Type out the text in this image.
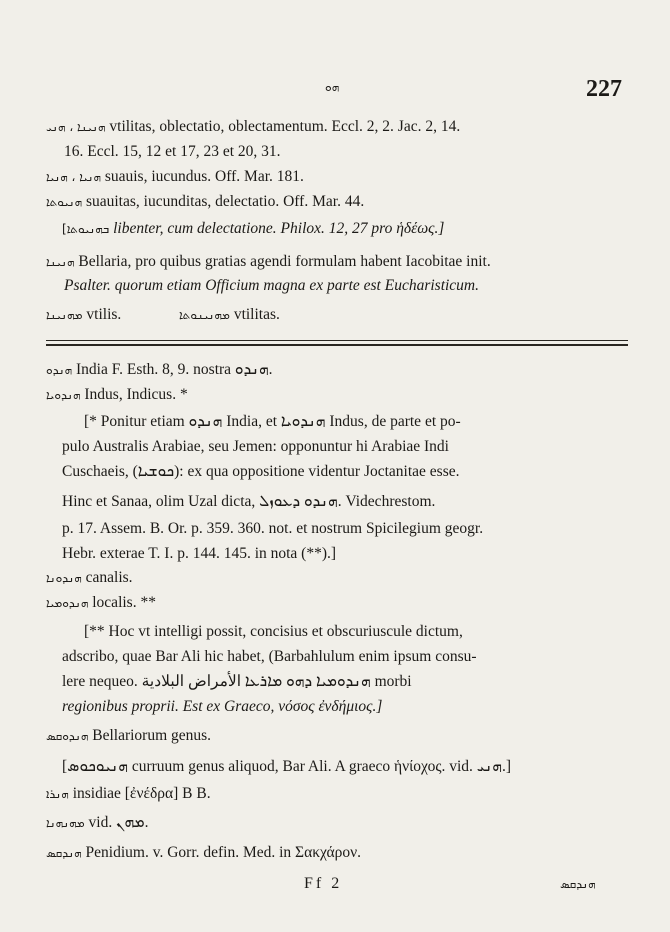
ܗܘ	227
ܗܢܝܢܐ ، ܗܢܝ vtilitas, oblectatio, oblectamentum. Eccl. 2, 2. Jac. 2, 14.
16. Eccl. 15, 12 et 17, 23 et 20, 31.
ܗܢܝܐ ، ܗܢܝܐ suauis, iucundus. Off. Mar. 181.
ܗܢܝܘܬܐ suauitas, iucunditas, delectatio. Off. Mar. 44.
[ܒܗܢܝܘܬܐ libenter, cum delectatione. Philox. 12, 27 pro ἡδέως.]
ܗܢܝܢܐ Bellaria, pro quibus gratias agendi formulam habent Iacobitae init.
Psalter. quorum etiam Officium magna ex parte est Eucharisticum.
ܡܗܢܝܢܐ vtilis.	ܡܗܢܝܢܘܬܐ vtilitas.
ܗܢܕܘ India F. Esth. 8, 9. nostra ܗܢܕܘ.
ܗܢܕܘܝܐ Indus, Indicus. *
[* Ponitur etiam ܗܢܕܘ India, et ܗܢܕܘܝܐ Indus, de parte et po-
pulo Australis Arabiae, seu Jemen: opponuntur hi Arabiae Indi
Cuschaeis, (ܟܘܫܝܐ): ex qua oppositione videntur Joctanitae esse.
Hinc et Sanaa, olim Uzal dicta, ܗܢܕܘ ܕܥܘܙܠ. Videchrestom.
p. 17. Assem. B. Or. p. 359. 360. not. et nostrum Spicilegium geogr.
Hebr. exterae T. I. p. 144. 145. in nota (**).]
ܗܢܕܘܢܐ canalis.
ܗܢܕܘܡܝܐ localis. **
[** Hoc vt intelligi possit, concisius et obscuriuscule dictum,
adscribo, quae Bar Ali hic habet, (Barbahlulum enim ipsum consu-
lere nequeo. ܗܢܕܘܡܝܐ ܕܗܘ ܡܐܪܥܐ الأمراض البلادية morbi
regionibus proprii. Est ex Graeco, νόσος ἐνδήμιος.]
ܗܢܕܘܩܣ Bellariorum genus.
[ܗܢܝܘܟܘܣ curruum genus aliquod, Bar Ali. A graeco ἡνίοχος. vid. ܗܢܝ.]
ܗܢܪܐ insidiae [ἐνέδρα] B B.
ܡܗܢܗܢܐ vid. ܡܗܢ.
ܗܢܕܩܣ Penidium. v. Gorr. defin. Med. in Σακχάρον.
Ff 2	ܗܢܕܩܣ
